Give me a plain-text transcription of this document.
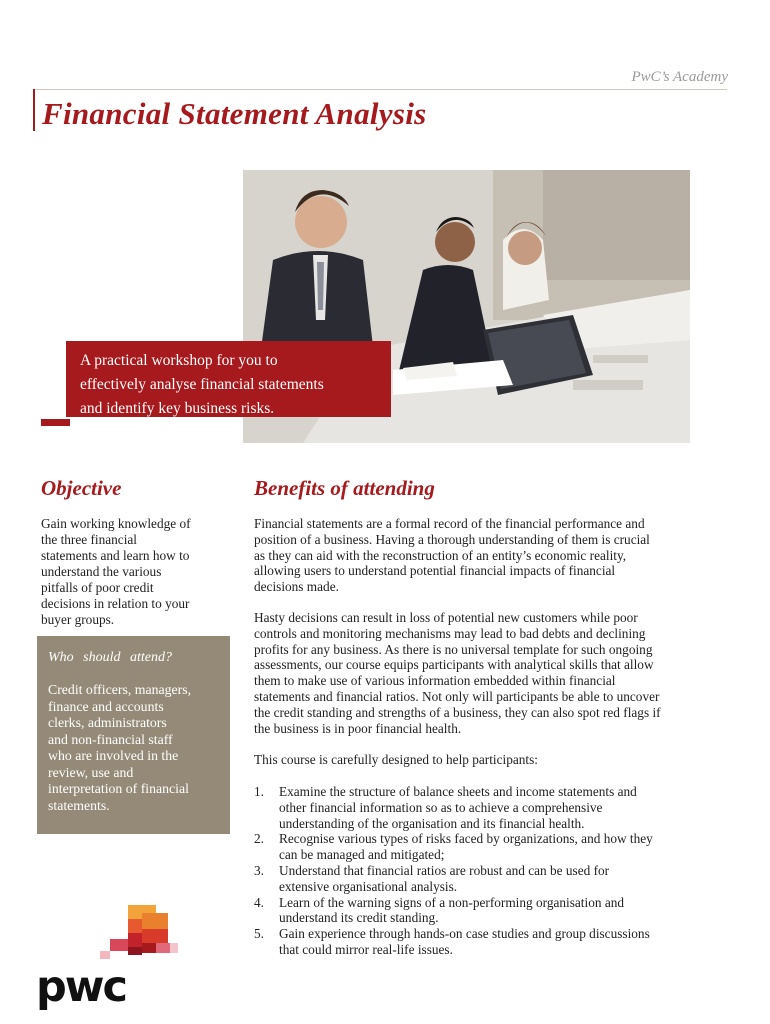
PwC’s Academy
Financial Statement Analysis
A practical workshop for you to
effectively analyse financial statements
and identify key business risks.
Objective
Gain working knowledge of
the three financial
statements and learn how to
understand the various
pitfalls of poor credit
decisions in relation to your
buyer groups.
Who should attend?
Credit officers, managers,
finance and accounts
clerks, administrators
and non-financial staff
who are involved in the
review, use and
interpretation of financial
statements.
Benefits of attending
Financial statements are a formal record of the financial performance and
position of a business. Having a thorough understanding of them is crucial
as they can aid with the reconstruction of an entity’s economic reality,
allowing users to understand potential financial impacts of financial
decisions made.
Hasty decisions can result in loss of potential new customers while poor
controls and monitoring mechanisms may lead to bad debts and declining
profits for any business. As there is no universal template for such ongoing
assessments, our course equips participants with analytical skills that allow
them to make use of various information embedded within financial
statements and financial ratios. Not only will participants be able to uncover
the credit standing and strengths of a business, they can also spot red flags if
the business is in poor financial health.
This course is carefully designed to help participants:
1. Examine the structure of balance sheets and income statements and
other financial information so as to achieve a comprehensive
understanding of the organisation and its financial health.
2. Recognise various types of risks faced by organizations, and how they
can be managed and mitigated;
3. Understand that financial ratios are robust and can be used for
extensive organisational analysis.
4. Learn of the warning signs of a non-performing organisation and
understand its credit standing.
5. Gain experience through hands-on case studies and group discussions
that could mirror real-life issues.
pwc
